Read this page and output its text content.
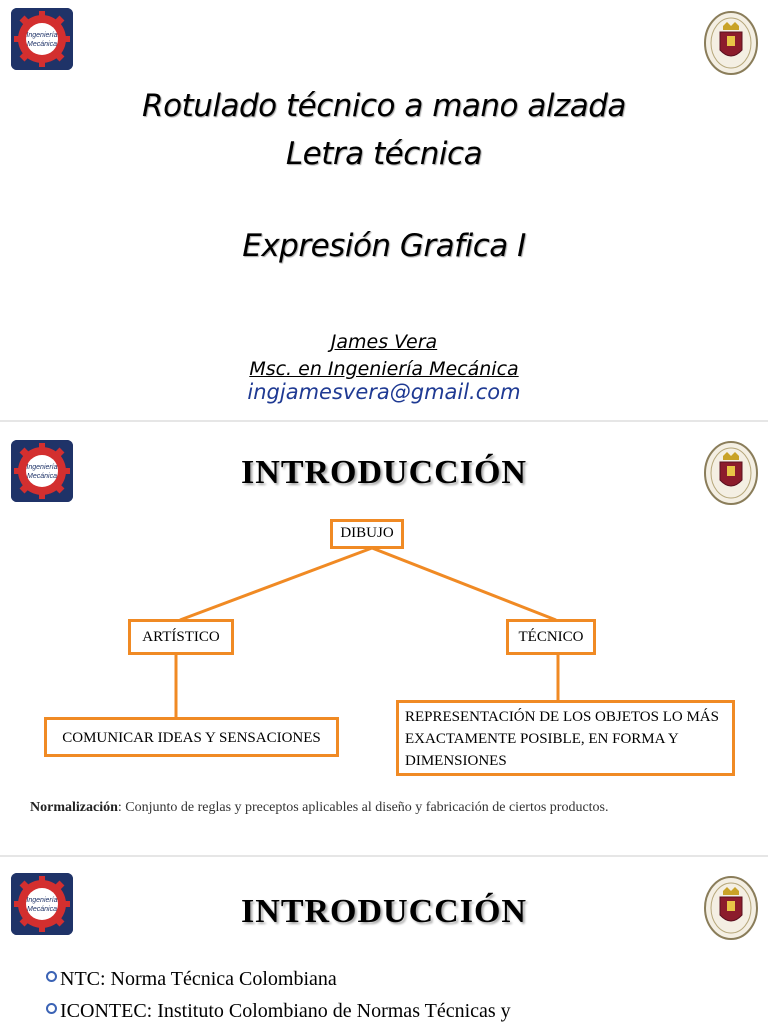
Ingeniería
Mecánica
Rotulado técnico a mano alzada
Letra técnica
Expresión Grafica I
James Vera
Msc. en Ingeniería Mecánica
ingjamesvera@gmail.com
Ingeniería
Mecánica	INTRODUCCIÓN
DIBUJO
ARTÍSTICO	TÉCNICO
COMUNICAR IDEAS Y SENSACIONES
REPRESENTACIÓN DE LOS OBJETOS LO MÁS EXACTAMENTE POSIBLE, EN FORMA Y DIMENSIONES
Normalización: Conjunto de reglas y preceptos aplicables al diseño y fabricación de ciertos productos.
Ingeniería
Mecánica	INTRODUCCIÓN
NTC: Norma Técnica Colombiana
ICONTEC: Instituto Colombiano de Normas Técnicas y
